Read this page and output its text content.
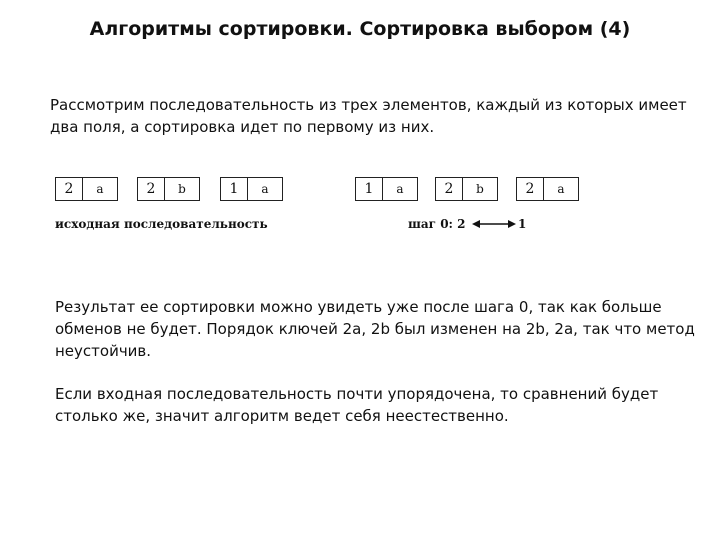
Алгоритмы сортировки. Сортировка выбором (4)
Рассмотрим последовательность из трех элементов, каждый из которых имеет два поля, а сортировка идет по первому из них.
2	a	2	b	1	a	1	a	2	b	2	a
исходная последовательность	шаг 0: 2	1
Результат ее сортировки можно увидеть уже после шага 0, так как больше обменов не будет. Порядок ключей 2a, 2b был изменен на 2b, 2a, так что метод неустойчив.
Если входная последовательность почти упорядочена, то сравнений будет столько же, значит алгоритм ведет себя неестественно.
